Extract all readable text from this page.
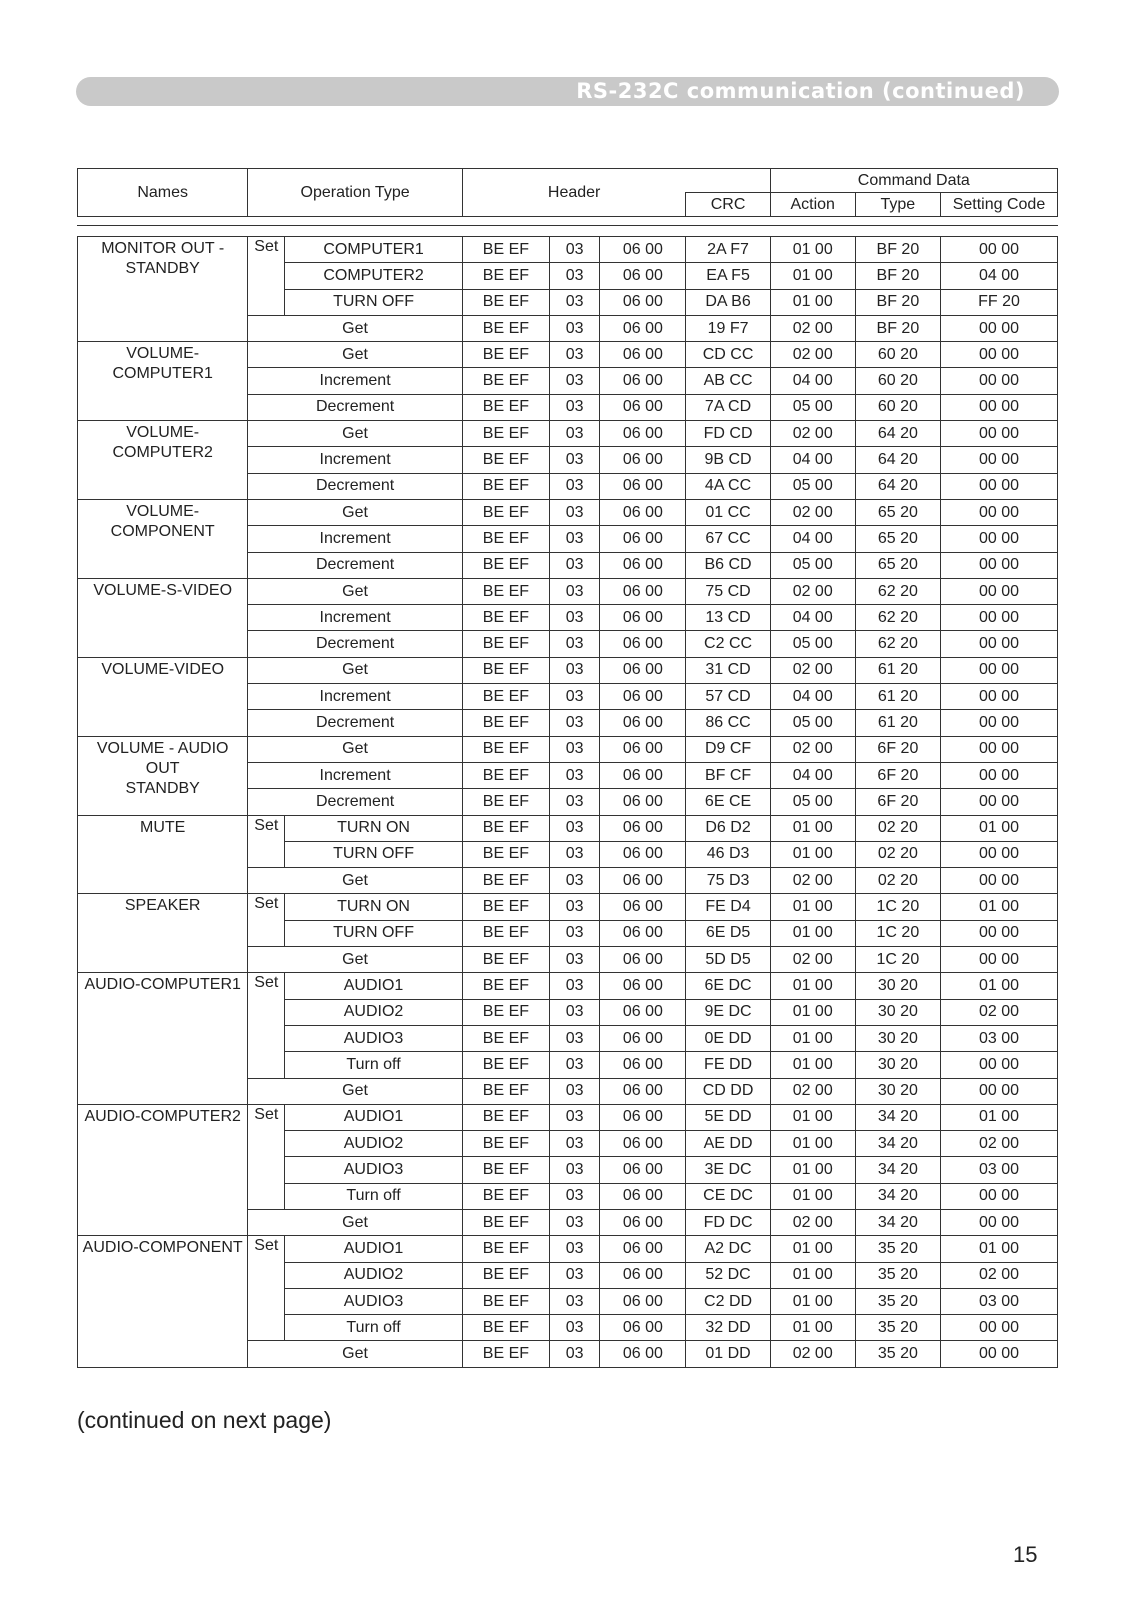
RS-232C communication (continued)
Names	Operation Type	Header		Command Data		
			CRC	Action	Type	Setting Code
MONITOR OUT -
STANDBY	Set	COMPUTER1	BE EF	03	06 00	2A F7	01 00	BF 20	00 00
		COMPUTER2	BE EF	03	06 00	EA F5	01 00	BF 20	04 00
		TURN OFF	BE EF	03	06 00	DA B6	01 00	BF 20	FF 20
	Get		BE EF	03	06 00	19 F7	02 00	BF 20	00 00
VOLUME-
COMPUTER1	Get		BE EF	03	06 00	CD CC	02 00	60 20	00 00
	Increment		BE EF	03	06 00	AB CC	04 00	60 20	00 00
	Decrement		BE EF	03	06 00	7A CD	05 00	60 20	00 00
VOLUME-
COMPUTER2	Get		BE EF	03	06 00	FD CD	02 00	64 20	00 00
	Increment		BE EF	03	06 00	9B CD	04 00	64 20	00 00
	Decrement		BE EF	03	06 00	4A CC	05 00	64 20	00 00
VOLUME-
COMPONENT	Get		BE EF	03	06 00	01 CC	02 00	65 20	00 00
	Increment		BE EF	03	06 00	67 CC	04 00	65 20	00 00
	Decrement		BE EF	03	06 00	B6 CD	05 00	65 20	00 00
VOLUME-S-VIDEO	Get		BE EF	03	06 00	75 CD	02 00	62 20	00 00
	Increment		BE EF	03	06 00	13 CD	04 00	62 20	00 00
	Decrement		BE EF	03	06 00	C2 CC	05 00	62 20	00 00
VOLUME-VIDEO	Get		BE EF	03	06 00	31 CD	02 00	61 20	00 00
	Increment		BE EF	03	06 00	57 CD	04 00	61 20	00 00
	Decrement		BE EF	03	06 00	86 CC	05 00	61 20	00 00
VOLUME - AUDIO OUT
STANDBY	Get		BE EF	03	06 00	D9 CF	02 00	6F 20	00 00
	Increment		BE EF	03	06 00	BF CF	04 00	6F 20	00 00
	Decrement		BE EF	03	06 00	6E CE	05 00	6F 20	00 00
MUTE	Set	TURN ON	BE EF	03	06 00	D6 D2	01 00	02 20	01 00
		TURN OFF	BE EF	03	06 00	46 D3	01 00	02 20	00 00
	Get		BE EF	03	06 00	75 D3	02 00	02 20	00 00
SPEAKER	Set	TURN ON	BE EF	03	06 00	FE D4	01 00	1C 20	01 00
		TURN OFF	BE EF	03	06 00	6E D5	01 00	1C 20	00 00
	Get		BE EF	03	06 00	5D D5	02 00	1C 20	00 00
AUDIO-COMPUTER1	Set	AUDIO1	BE EF	03	06 00	6E DC	01 00	30 20	01 00
		AUDIO2	BE EF	03	06 00	9E DC	01 00	30 20	02 00
		AUDIO3	BE EF	03	06 00	0E DD	01 00	30 20	03 00
		Turn off	BE EF	03	06 00	FE DD	01 00	30 20	00 00
	Get		BE EF	03	06 00	CD DD	02 00	30 20	00 00
AUDIO-COMPUTER2	Set	AUDIO1	BE EF	03	06 00	5E DD	01 00	34 20	01 00
		AUDIO2	BE EF	03	06 00	AE DD	01 00	34 20	02 00
		AUDIO3	BE EF	03	06 00	3E DC	01 00	34 20	03 00
		Turn off	BE EF	03	06 00	CE DC	01 00	34 20	00 00
	Get		BE EF	03	06 00	FD DC	02 00	34 20	00 00
AUDIO-COMPONENT	Set	AUDIO1	BE EF	03	06 00	A2 DC	01 00	35 20	01 00
		AUDIO2	BE EF	03	06 00	52 DC	01 00	35 20	02 00
		AUDIO3	BE EF	03	06 00	C2 DD	01 00	35 20	03 00
		Turn off	BE EF	03	06 00	32 DD	01 00	35 20	00 00
	Get		BE EF	03	06 00	01 DD	02 00	35 20	00 00
(continued on next page)
15
